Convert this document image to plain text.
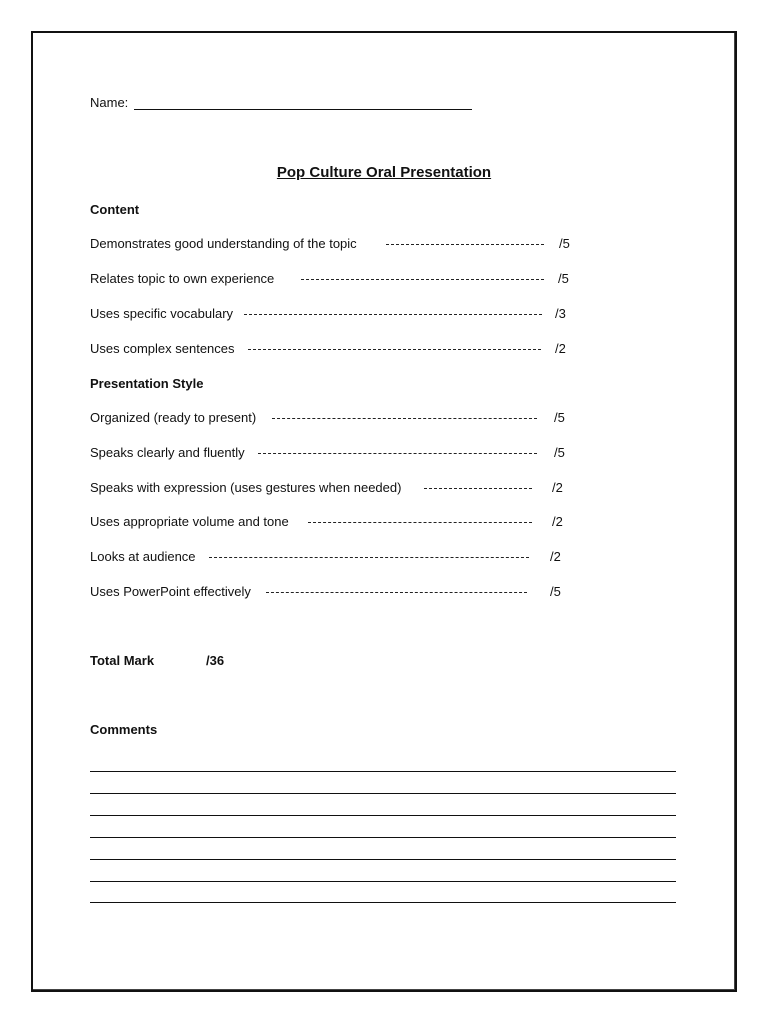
Name:
Pop Culture Oral Presentation
Content
Demonstrates good understanding of the topic	/5
Relates topic to own experience	/5
Uses specific vocabulary	/3
Uses complex sentences	/2
Presentation Style
Organized (ready to present)	/5
Speaks clearly and fluently	/5
Speaks with expression (uses gestures when needed)	/2
Uses appropriate volume and tone	/2
Looks at audience	/2
Uses PowerPoint effectively	/5
Total Mark	/36
Comments
